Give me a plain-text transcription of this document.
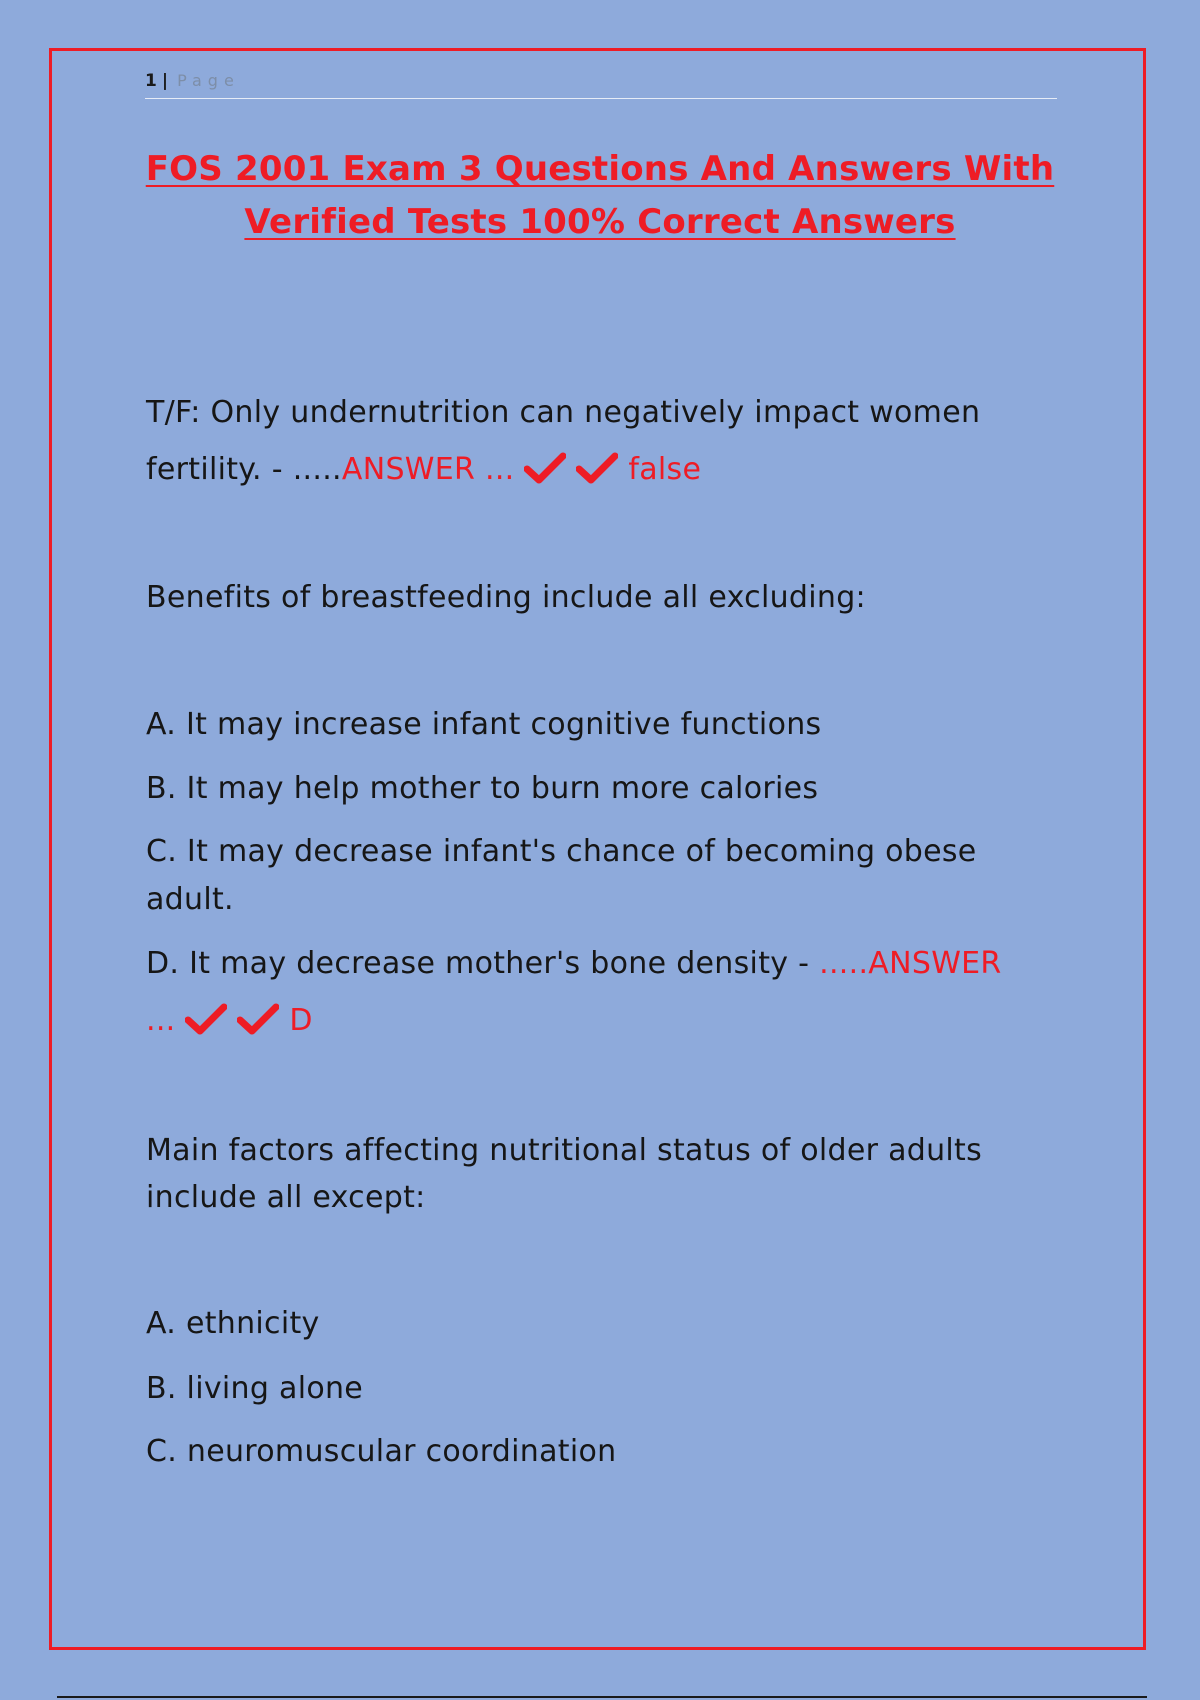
1 | Page
FOS 2001 Exam 3 Questions And Answers With
Verified Tests 100% Correct Answers
T/F: Only undernutrition can negatively impact women
fertility. - .....ANSWER ...	false
Benefits of breastfeeding include all excluding:
A. It may increase infant cognitive functions
B. It may help mother to burn more calories
C. It may decrease infant's chance of becoming obese
adult.
D. It may decrease mother's bone density - .....ANSWER
...	D
Main factors affecting nutritional status of older adults
include all except:
A. ethnicity
B. living alone
C. neuromuscular coordination
